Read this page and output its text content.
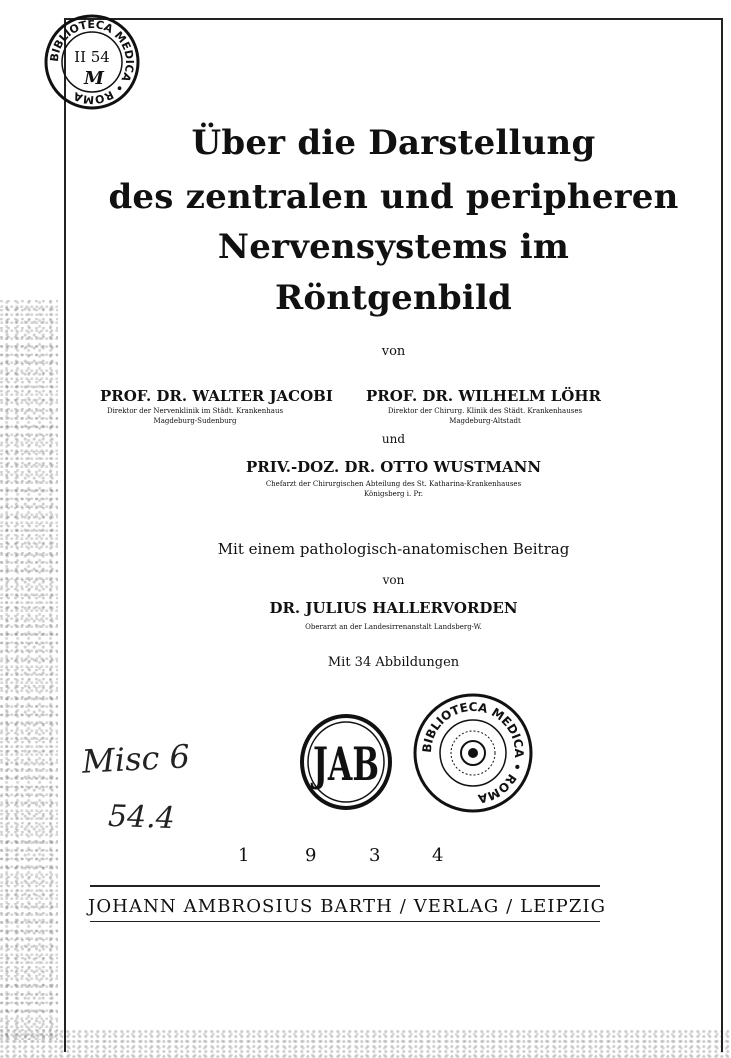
BIBLIOTECA MEDICA • ROMA
II 54
M
Über die Darstellung
des zentralen und peripheren
Nervensystems im
Röntgenbild
von
PROF. DR. WALTER JACOBI
Direktor der Nervenklinik im Städt. Krankenhaus
Magdeburg-Sudenburg
PROF. DR. WILHELM LÖHR
Direktor der Chirurg. Klinik des Städt. Krankenhauses
Magdeburg-Altstadt
und
PRIV.-DOZ. DR. OTTO WUSTMANN
Chefarzt der Chirurgischen Abteilung des St. Katharina-Krankenhauses
Königsberg i. Pr.
Mit einem pathologisch-anatomischen Beitrag
von
DR. JULIUS HALLERVORDEN
Oberarzt an der Landesirrenanstalt Landsberg-W.
Mit 34 Abbildungen
Misc 6
54.4
JAB	BIBLIOTECA MEDICA • ROMA
1	9	3	4
JOHANN AMBROSIUS BARTH / VERLAG / LEIPZIG
